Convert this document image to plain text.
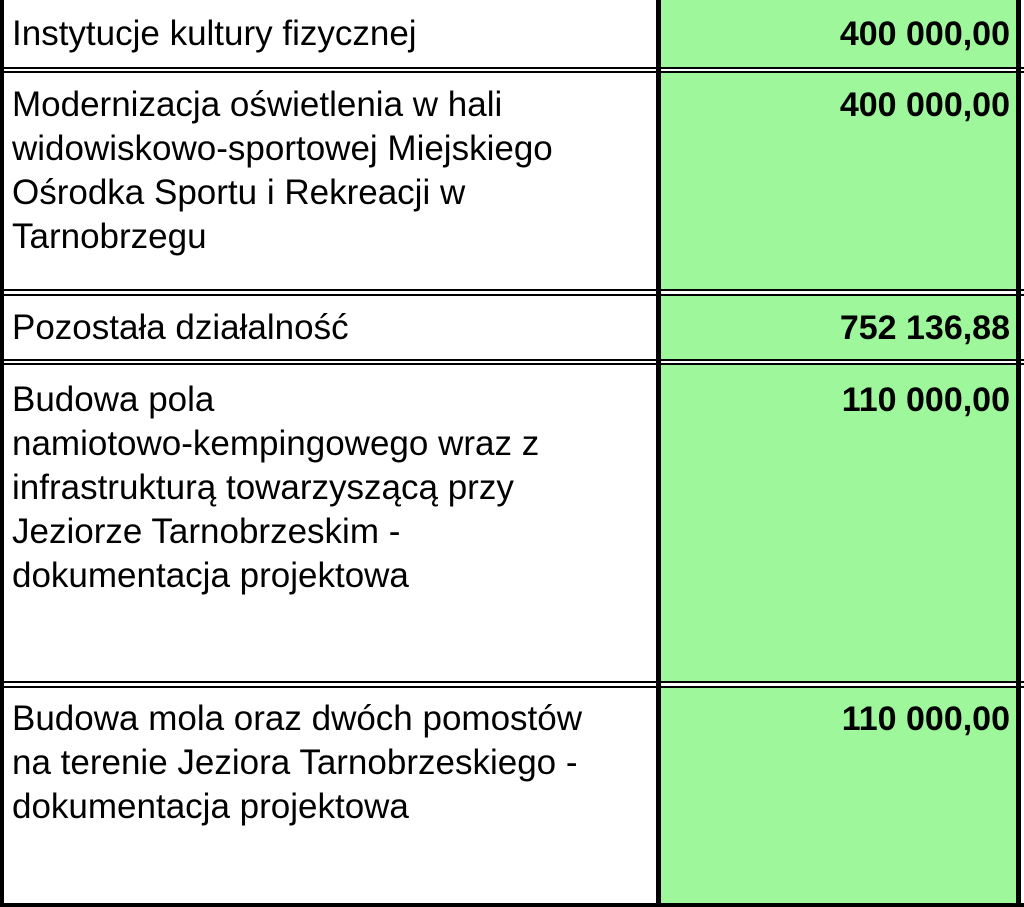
Instytucje kultury fizycznej	400 000,00
Modernizacja oświetlenia w hali
widowiskowo-sportowej Miejskiego
Ośrodka Sportu i Rekreacji w
Tarnobrzegu
400 000,00
Pozostała działalność	752 136,88
Budowa pola
namiotowo-kempingowego wraz z
infrastrukturą towarzyszącą przy
Jeziorze Tarnobrzeskim -
dokumentacja projektowa
110 000,00
Budowa mola oraz dwóch pomostów
na terenie Jeziora Tarnobrzeskiego -
dokumentacja projektowa
110 000,00
